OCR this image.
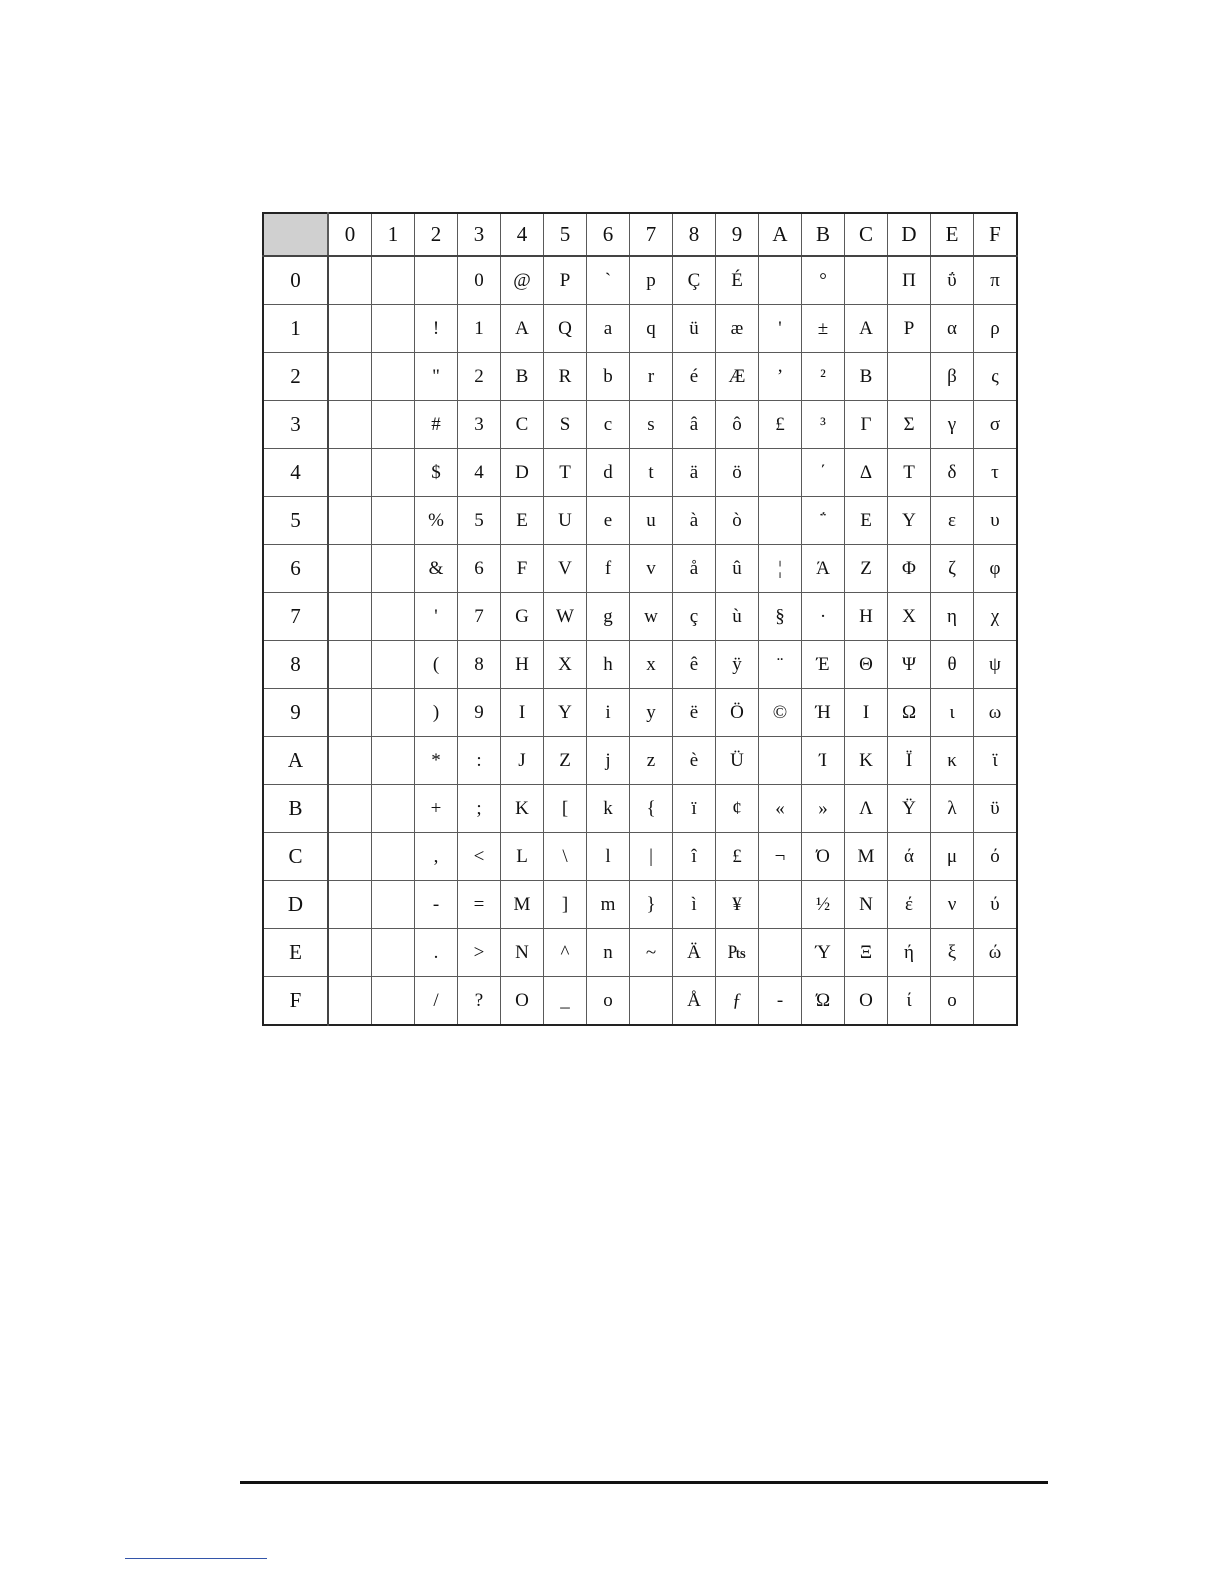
	0	1	2	3	4	5	6	7	8	9	A	B	C	D	E	F
0				0	@	P	`	p	Ç	É		°		Π	ΰ	π
1			!	1	A	Q	a	q	ü	æ	'	±	Α	Ρ	α	ρ
2			"	2	B	R	b	r	é	Æ	’	²	Β		β	ς
3			#	3	C	S	c	s	â	ô	£	³	Γ	Σ	γ	σ
4			$	4	D	T	d	t	ä	ö		΄	Δ	Τ	δ	τ
5			%	5	E	U	e	u	à	ò		΅	Ε	Υ	ε	υ
6			&	6	F	V	f	v	å	û	¦	Ά	Ζ	Φ	ζ	φ
7			'	7	G	W	g	w	ç	ù	§	·	Η	Χ	η	χ
8			(	8	H	X	h	x	ê	ÿ	¨	Έ	Θ	Ψ	θ	ψ
9			)	9	I	Y	i	y	ë	Ö	©	Ή	Ι	Ω	ι	ω
A			*	:	J	Z	j	z	è	Ü		Ί	Κ	Ϊ	κ	ϊ
B			+	;	K	[	k	{	ï	¢	«	»	Λ	Ϋ	λ	ϋ
C			,	<	L	\	l	|	î	£	¬	Ό	Μ	ά	μ	ό
D			-	=	M	]	m	}	ì	¥		½	Ν	έ	ν	ύ
E			.	>	N	^	n	~	Ä	₧		Ύ	Ξ	ή	ξ	ώ
F			/	?	O	_	o		Å	ƒ	-	Ώ	Ο	ί	ο	
